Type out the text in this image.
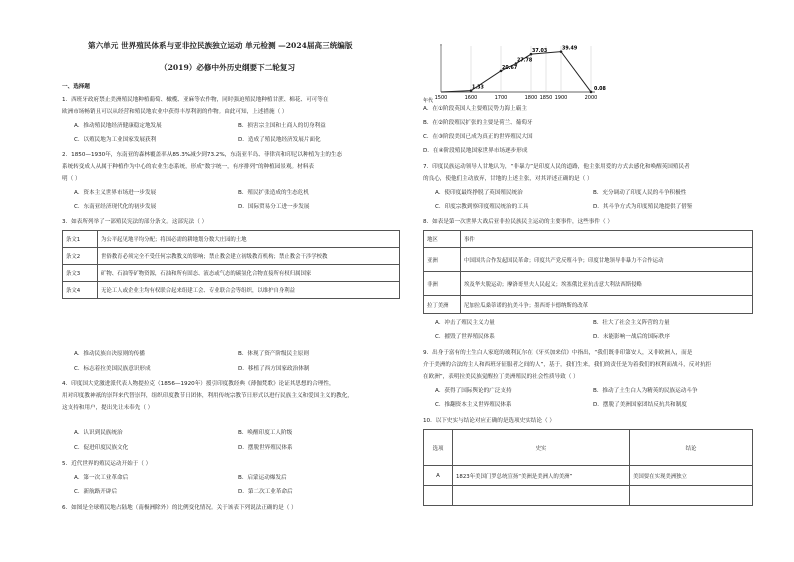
第六单元 世界殖民体系与亚非拉民族独立运动 单元检测 —2024届高三统编版
（2019）必修中外历史纲要下二轮复习
一、选择题
1．西班牙政府禁止美洲殖民地种植葡萄、橄榄、亚麻等农作物，同时强迫殖民地种植甘蔗、棉花、可可等在
欧洲市场畅销且可以从经营和殖民地农业中获得丰厚利润的作物。由此可知，上述措施（ ）
A．推动殖民地经济健康稳定地发展	B．损害宗主国和土商人的切身利益
C．以殖民地为工业国家发展获利	D．造成了殖民地经济发展片面化
2．1850—1930年，东南亚的森林覆盖率从85.3%减少到73.2%，东南亚半岛、菲律宾和印尼以种植为主的生态
系统转变成人从属于种植作为中心的农业生态系统，形成“数字统一，有序排列”的种植园景观。材料表
明（ ）
A．资本主义世界市场进一步发展	B．殖民扩张造成的生态危机
C．东南亚经济现代化的初步发展	D．国际贸易分工进一步发展
3．如表所列举了一部殖民宪法的部分条文。这部宪法（ ）
条文1	为公平起见地平均分配；将国必需的耕地划分数大庄园的土地
条文2	世俗教育必须完全不受任何宗教教义的影响；禁止教会建立初级教育机构；禁止教会干涉学校教
条文3	矿物、石油等矿物资源，石油和所有固态、液态或气态的碳氢化合物直接所有权归属国家
条文4	无论工人或企业主均有权联合起来组建工会、专业联合会等组织，以维护自身利益
A．推动民族自决原则的传播	B．体现了资产阶级民主原则
C．标志着拉美国民族意识形成	D．移植了西方国家政治体制
4．印度国大党激进派代表人物提拉克（1856—1920年）援引印度教经典《薄伽梵歌》论证其思想的合理性，
用对印度教神祇的崇拜来代替崇拜，组织印度教节日团体，利用传统宗教节日形式以进行民族主义和爱国主义的教化，
这支持和用户，提出先让未奉先（ ）
A．认识到民族统治	B．唤醒印度工人阶级
C．促进印度民族文化	D．摆脱世界殖民体系
5．近代世界的殖民运动开始于（ ）
A．第一次工业革命后	B．启蒙运动爆发后
C．新航路开辟后	D．第二次工业革命后
6．如图是全球殖民地占陆地（南极洲除外）的比例变化情况。关于该表下列说法正确的是（ ）
1.33
20.67
27.78
37.03
39.49
0.08
1500	1600	1700	1800 1850 1900	2000
年代
A．在①阶段英国人主要殖民势力海上霸主
B．在②阶段殖民扩张的主要是荷兰、葡萄牙
C．在③阶段美国已成为真正的世界殖民大国
D．在④阶段殖民地国家世界市场逐步形成
7．印度民族运动领导人甘地认为，“非暴力”是印度人民的道路，他主张用爱的方式去感化和唤醒英国殖民者
的良心，使他们主动放弃，甘地的上述主张，对其评述正确的是（ ）
A．使印度最终挣脱了英国殖民统治	B．充分调动了印度人民的斗争积极性
C．印度宗教到察印度殖民统治的工具	D．其斗争方式为印度殖民地提供了借鉴
8．如表是第一次世界大战后亚非拉民族民主运动的主要事件，这些事件（ ）
地区	事件
亚洲	中国国共合作发起国民革命；印度共产党反殖斗争；印度甘地领导非暴力不合作运动
非洲	埃及华夫脱运动；摩洛哥里夫人民起义；埃塞俄比亚抗击意大利法西斯侵略
拉丁美洲	尼加拉瓜桑蒂诺的抗美斗争；墨西哥卡德纳斯的改革
A．冲击了殖民主义力量	B．壮大了社会主义阵营的力量
C．摧毁了世界殖民体系	D．未能影响一战后的国际秩序
9．出身于富有的土生白人家庭的玻利瓦尔在《牙买加来信》中指出，“我们既非印第安人，又非欧洲人，而是
介于美洲的合法的主人和西班牙征服者之间的人”，基于，我们生来，我们的责任是为着我们的权利而战斗，反对抗拒
在欧洲”，表明拉美民族觉醒拉丁美洲殖民的社会性质导致（ ）
A．获得了国际舆论的广泛支持	B．推动了土生白人为精英的民族运动斗争
C．推翻资本主义世界殖民体系	D．摆脱了美洲国家团结反抗共和制度
10．以下史实与结论对应正确的是选项史实结论（ ）
选项	史实	结论
A	1823年美国门罗总统宣扬“美洲是美洲人的美洲”	美国要在实现美洲独立
